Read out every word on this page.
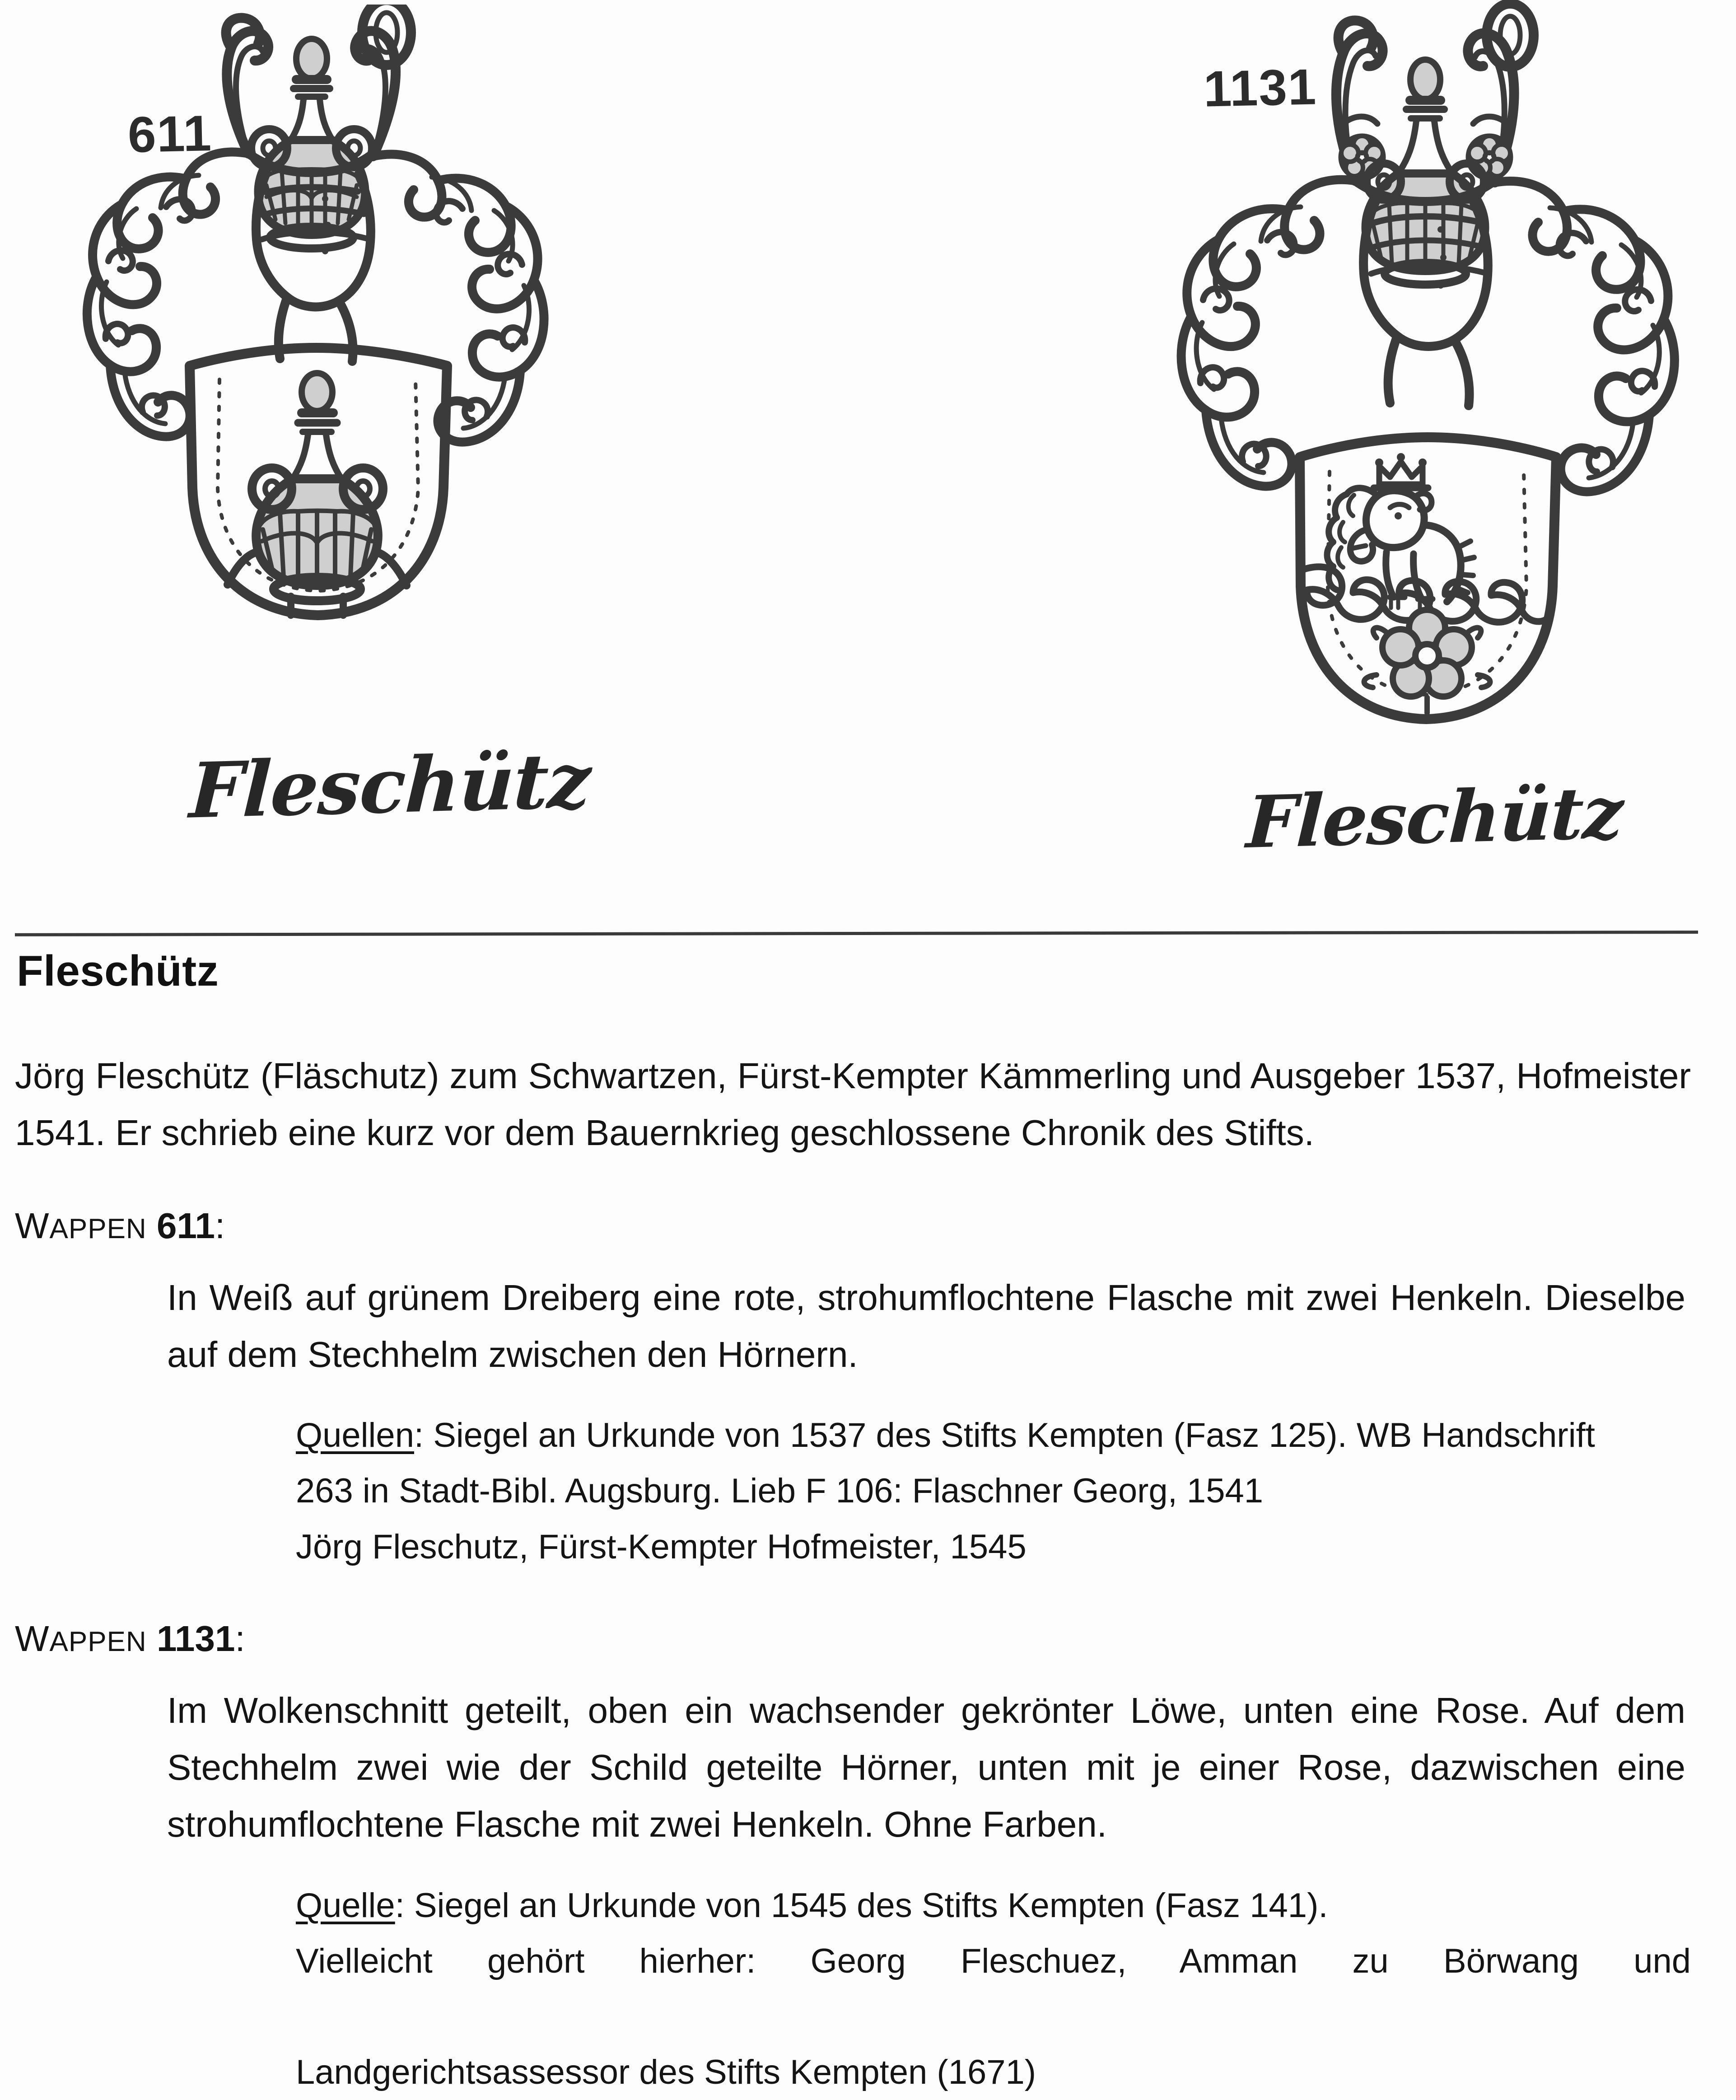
611
Fleschütz
1131
Fleschütz
Fleschütz

Jörg Fleschütz (Fläschutz) zum Schwartzen, Fürst-Kempter Kämmerling und Ausgeber 1537, Hofmeister 1541. Er schrieb eine kurz vor dem Bauernkrieg geschlossene Chronik des Stifts.

WAPPEN 611:

In Weiß auf grünem Dreiberg eine rote, strohumflochtene Flasche mit zwei Henkeln. Dieselbe auf dem Stechhelm zwischen den Hörnern.

Quellen: Siegel an Urkunde von 1537 des Stifts Kempten (Fasz 125). WB Handschrift
263 in Stadt-Bibl. Augsburg. Lieb F 106: Flaschner Georg, 1541
Jörg Fleschutz, Fürst-Kempter Hofmeister, 1545

WAPPEN 1131:

Im Wolkenschnitt geteilt, oben ein wachsender gekrönter Löwe, unten eine Rose. Auf dem Stechhelm zwei wie der Schild geteilte Hörner, unten mit je einer Rose, dazwischen eine strohumflochtene Flasche mit zwei Henkeln. Ohne Farben.

Quelle: Siegel an Urkunde von 1545 des Stifts Kempten (Fasz 141).
Vielleicht gehört hierher: Georg Fleschuez, Amman zu Börwang und
Landgerichtsassessor des Stifts Kempten (1671)
